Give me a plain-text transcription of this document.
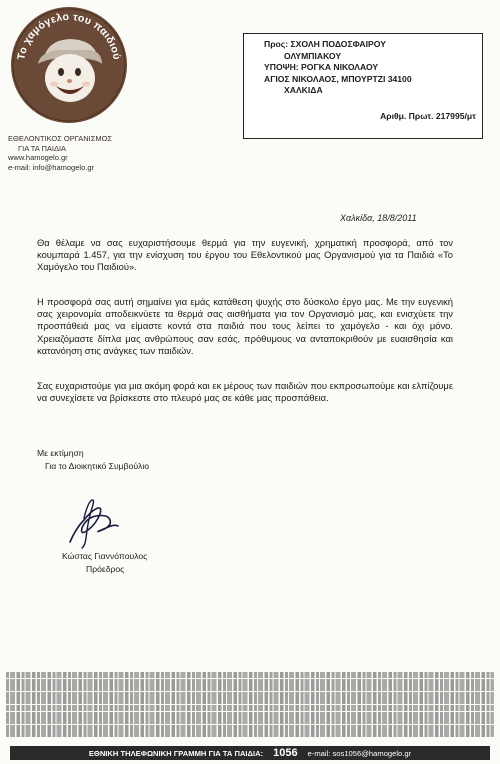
Το χαμόγελο του παιδιού
ΕΘΕΛΟΝΤΙΚΟΣ ΟΡΓΑΝΙΣΜΟΣ
ΓΙΑ ΤΑ ΠΑΙΔΙΑ
www.hamogelo.gr
e-mail: info@hamogelo.gr
Προς: ΣΧΟΛΗ ΠΟΔΟΣΦΑΙΡΟΥ
ΟΛΥΜΠΙΑΚΟΥ
ΥΠΟΨΗ: ΡΟΓΚΑ ΝΙΚΟΛΑΟΥ
ΑΓΙΟΣ ΝΙΚΟΛΑΟΣ, ΜΠΟΥΡΤΖΙ 34100
ΧΑΛΚΙΔΑ
Αριθμ. Πρωτ. 217995/μτ
Χαλκίδα, 18/8/2011
Θα θέλαμε να σας ευχαριστήσουμε θερμά για την ευγενική, χρηματική προσφορά, από τον κουμπαρά 1.457, για την ενίσχυση του έργου του Εθελοντικού μας Οργανισμού για τα Παιδιά «Το Χαμόγελο του Παιδιού».
Η προσφορά σας αυτή σημαίνει για εμάς κατάθεση ψυχής στο δύσκολο έργο μας. Με την ευγενική σας χειρονομία αποδεικνύετε τα θερμά σας αισθήματα για τον Οργανισμό μας, και ενισχύετε την προσπάθειά μας να είμαστε κοντά στα παιδιά που τους λείπει το χαμόγελο - και όχι μόνο. Χρειαζόμαστε δίπλα μας ανθρώπους σαν εσάς, πρόθυμους να ανταποκριθούν με ευαισθησία και κατανόηση στις ανάγκες των παιδιών.
Σας ευχαριστούμε για μια ακόμη φορά και εκ μέρους των παιδιών που εκπροσωπούμε και ελπίζουμε να συνεχίσετε να βρίσκεστε στο πλευρό μας σε κάθε μας προσπάθεια.
Με εκτίμηση
Για το Διοικητικό Συμβούλιο
Κώστας Γιαννόπουλος
Πρόεδρος
ΕΘΝΙΚΗ ΤΗΛΕΦΩΝΙΚΗ ΓΡΑΜΜΗ ΓΙΑ ΤΑ ΠΑΙΔΙΑ: 1056 e-mail: sos1056@hamogelo.gr
